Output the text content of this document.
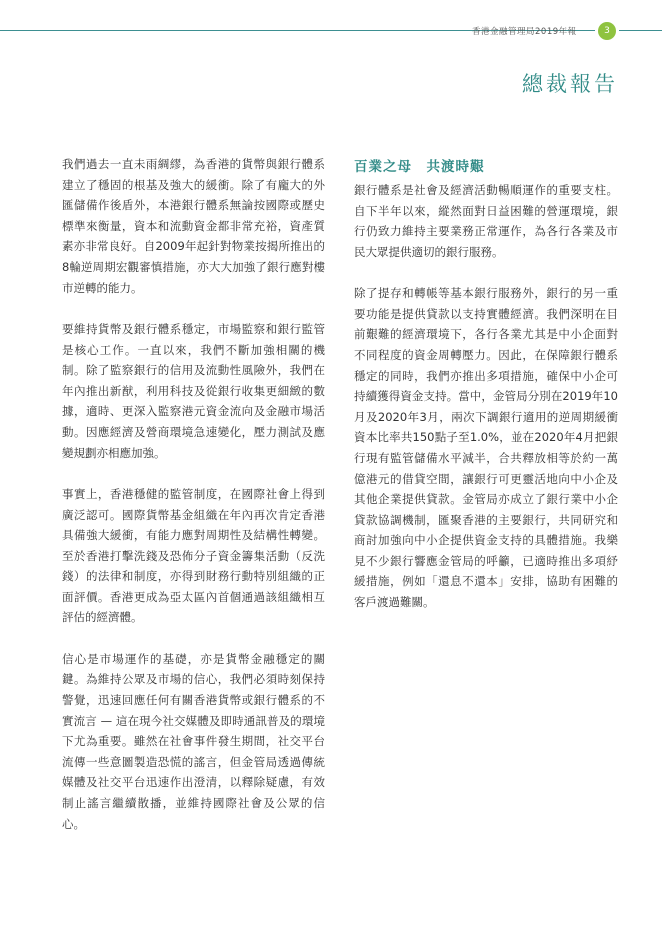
香港金融管理局2019年報	3
總裁報告

我們過去一直未雨綢繆，為香港的貨幣與銀行體系建立了穩固的根基及強大的緩衝。除了有龐大的外匯儲備作後盾外，本港銀行體系無論按國際或歷史標準來衡量，資本和流動資金都非常充裕，資產質素亦非常良好。自2009年起針對物業按揭所推出的8輪逆周期宏觀審慎措施，亦大大加強了銀行應對樓市逆轉的能力。

要維持貨幣及銀行體系穩定，市場監察和銀行監管是核心工作。一直以來，我們不斷加強相關的機制。除了監察銀行的信用及流動性風險外，我們在年內推出新猷，利用科技及從銀行收集更細緻的數據，適時、更深入監察港元資金流向及金融市場活動。因應經濟及營商環境急速變化，壓力測試及應變規劃亦相應加強。

事實上，香港穩健的監管制度，在國際社會上得到廣泛認可。國際貨幣基金組織在年內再次肯定香港具備強大緩衝，有能力應對周期性及結構性轉變。至於香港打擊洗錢及恐佈分子資金籌集活動（反洗錢）的法律和制度，亦得到財務行動特別組織的正面評價。香港更成為亞太區內首個通過該組織相互評估的經濟體。

信心是市場運作的基礎，亦是貨幣金融穩定的關鍵。為維持公眾及市場的信心，我們必須時刻保持警覺，迅速回應任何有關香港貨幣或銀行體系的不實流言 — 這在現今社交媒體及即時通訊普及的環境下尤為重要。雖然在社會事件發生期間，社交平台流傳一些意圖製造恐慌的謠言，但金管局透過傳統媒體及社交平台迅速作出澄清，以釋除疑慮，有效制止謠言繼續散播，並維持國際社會及公眾的信心。

百業之母　共渡時艱

銀行體系是社會及經濟活動暢順運作的重要支柱。自下半年以來，縱然面對日益困難的營運環境，銀行仍致力維持主要業務正常運作，為各行各業及市民大眾提供適切的銀行服務。

除了提存和轉帳等基本銀行服務外，銀行的另一重要功能是提供貸款以支持實體經濟。我們深明在目前艱難的經濟環境下，各行各業尤其是中小企面對不同程度的資金周轉壓力。因此，在保障銀行體系穩定的同時，我們亦推出多項措施，確保中小企可持續獲得資金支持。當中，金管局分別在2019年10月及2020年3月，兩次下調銀行適用的逆周期緩衝資本比率共150點子至1.0%，並在2020年4月把銀行現有監管儲備水平減半，合共釋放相等於約一萬億港元的借貸空間，讓銀行可更靈活地向中小企及其他企業提供貸款。金管局亦成立了銀行業中小企貸款協調機制，匯聚香港的主要銀行，共同研究和商討加強向中小企提供資金支持的具體措施。我樂見不少銀行響應金管局的呼籲，已適時推出多項紓緩措施，例如「還息不還本」安排，協助有困難的客戶渡過難關。
